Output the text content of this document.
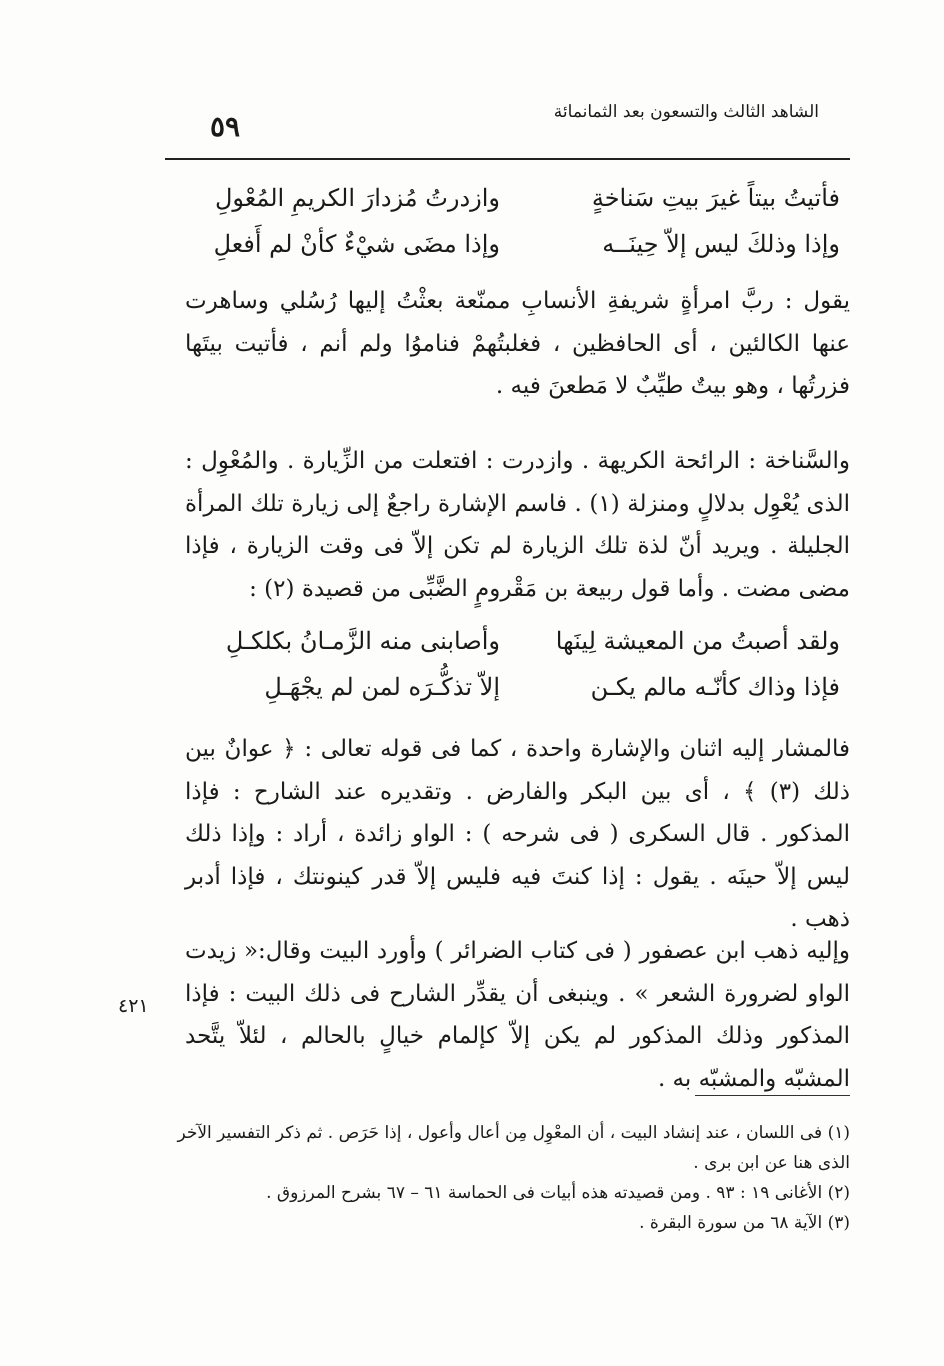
الشاهد الثالث والتسعون بعد الثمانمائة
٥٩
فأتيتُ بيتاً غيرَ بيتِ سَناخةٍ
وازدرتُ مُزدارَ الكريمِ المُعْولِ
وإذا وذلكَ ليس إلاّ حِينَــه
وإذا مضَى شيْءٌ كأنْ لم أَفعلِ
يقول : ربَّ امرأةٍ شريفةِ الأنسابِ ممنّعة بعثْتُ إليها رُسُلي وساهرت عنها الكالئين ، أى الحافظين ، فغلبتُهمْ فناموُا ولم أنم ، فأتيت بيتَها فزرتُها ، وهو بيتٌ طيِّبٌ لا مَطعنَ فيه .
والسَّناخة : الرائحة الكريهة . وازدرت : افتعلت من الزِّيارة . والمُعْوِل : الذى يُعْوِل بدلالٍ ومنزلة (١) . فاسم الإشارة راجعٌ إلى زيارة تلك المرأة الجليلة . ويريد أنّ لذة تلك الزيارة لم تكن إلاّ فى وقت الزيارة ، فإذا مضى مضت . وأما قول ربيعة بن مَقْرومٍ الضَّبِّى من قصيدة (٢) :
ولقد أصبتُ من المعيشة لِينَها
وأصابنى منه الزَّمـانُ بكلكـلِ
فإذا وذاك كأنّـه مالم يكـن
إلاّ تذكُّـرَه لمن لم يجْهَـلِ
فالمشار إليه اثنان والإشارة واحدة ، كما فى قوله تعالى : ﴿ عوانٌ بين ذلك (٣) ﴾ ، أى بين البكر والفارض . وتقديره عند الشارح : فإذا المذكور . قال السكرى ( فى شرحه ) : الواو زائدة ، أراد : وإذا ذلك ليس إلاّ حينَه . يقول : إذا كنتَ فيه فليس إلاّ قدر كينونتك ، فإذا أدبر ذهب .
وإليه ذهب ابن عصفور ( فى كتاب الضرائر ) وأورد البيت وقال:« زيدت الواو لضرورة الشعر » . وينبغى أن يقدِّر الشارح فى ذلك البيت : فإذا المذكور وذلك المذكور لم يكن إلاّ كإلمام خيالٍ بالحالم ، لئلاّ يتَّحد المشبّه والمشبّه به .
٤٢١
(١) فى اللسان ، عند إنشاد البيت ، أن المعْوِل مِن أعال وأعول ، إذا حَرَص . ثم ذكر التفسير الآخر الذى هنا عن ابن برى .
(٢) الأغانى ١٩ : ٩٣ . ومن قصيدته هذه أبيات فى الحماسة ٦١ – ٦٧ بشرح المرزوق .
(٣) الآية ٦٨ من سورة البقرة .
